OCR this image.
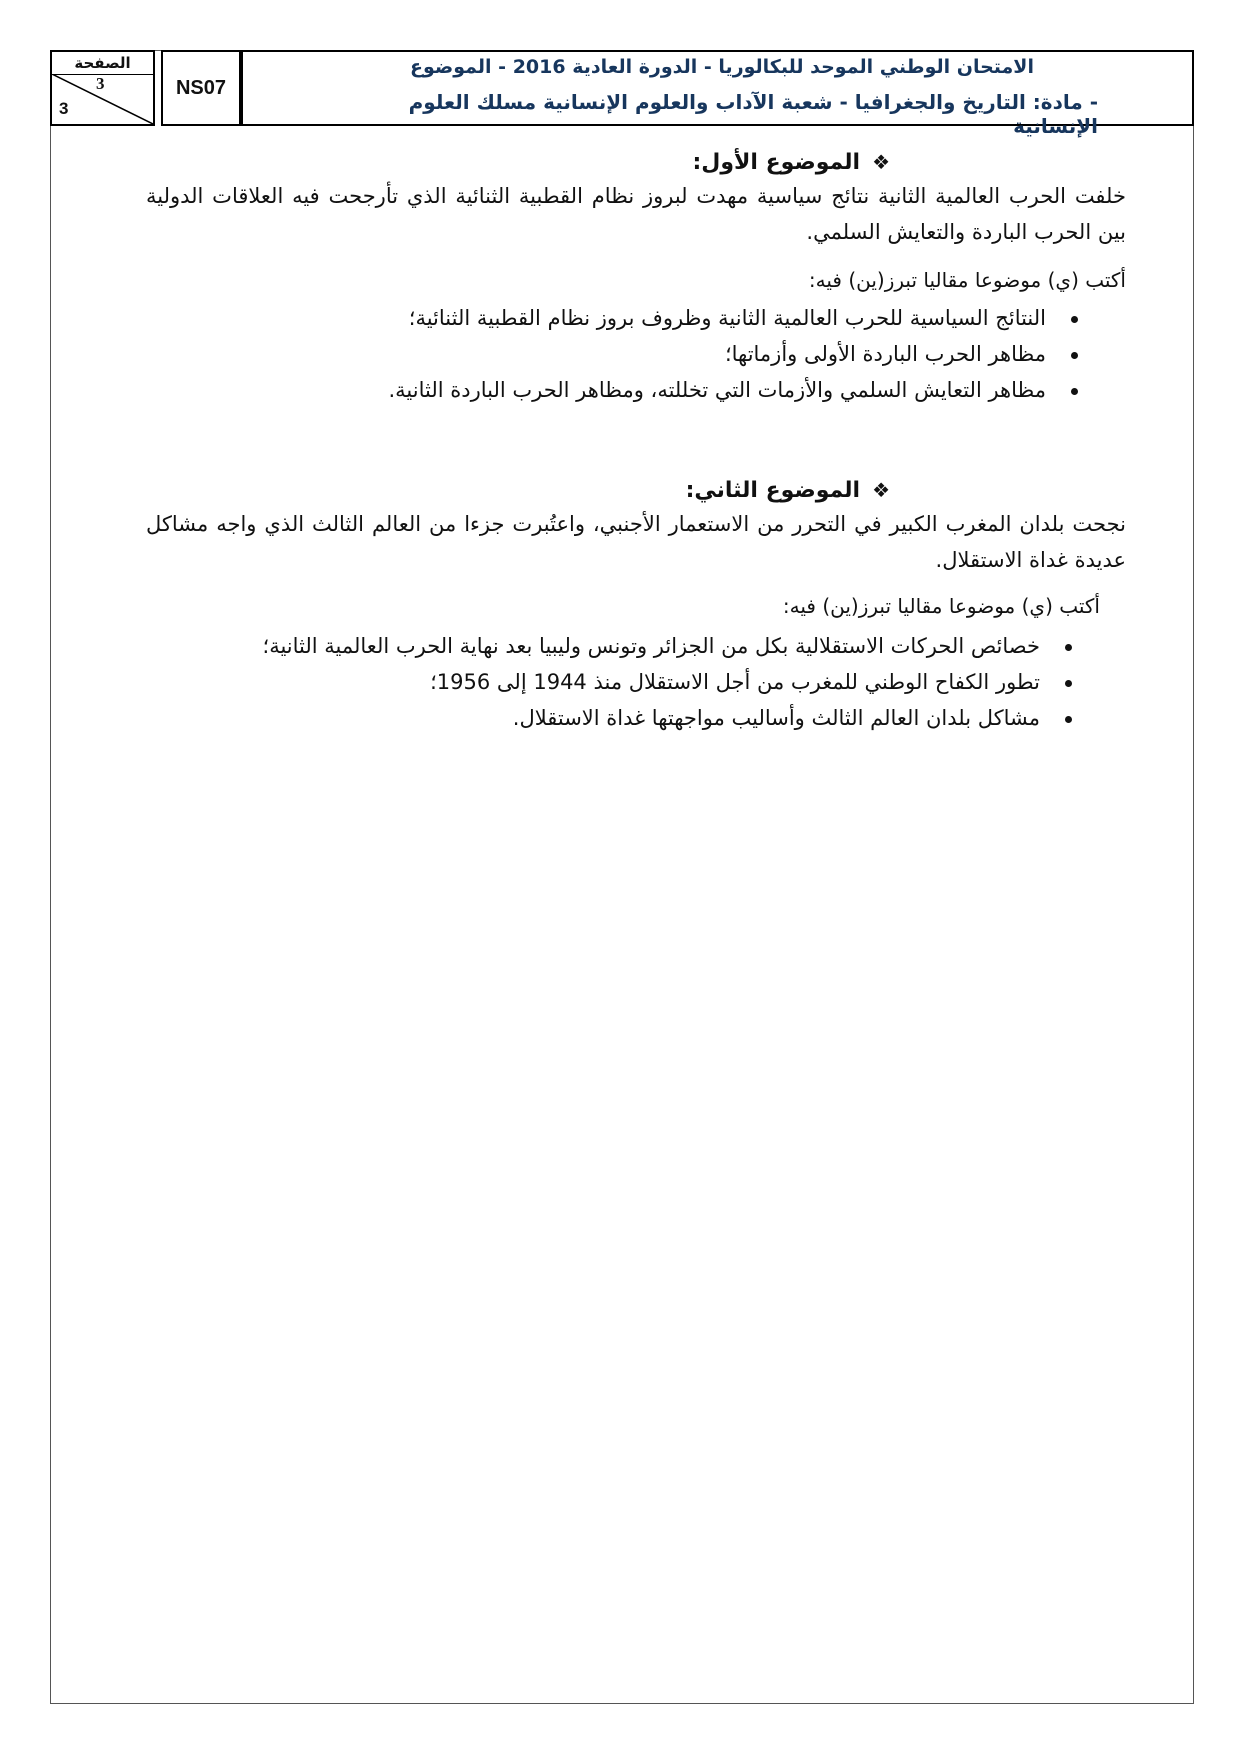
الصفحة
3
3
NS07
الامتحان الوطني الموحد للبكالوريا - الدورة العادية 2016 - الموضوع
- مادة: التاريخ والجغرافيا - شعبة الآداب والعلوم الإنسانية مسلك العلوم الإنسانية
❖الموضوع الأول:
خلفت الحرب العالمية الثانية نتائج سياسية مهدت لبروز نظام القطبية الثنائية الذي تأرجحت فيه العلاقات الدولية بين الحرب الباردة والتعايش السلمي.
أكتب (ي) موضوعا مقاليا تبرز(ين) فيه:
النتائج السياسية للحرب العالمية الثانية وظروف بروز نظام القطبية الثنائية؛
مظاهر الحرب الباردة الأولى وأزماتها؛
مظاهر التعايش السلمي والأزمات التي تخللته، ومظاهر الحرب الباردة الثانية.
❖الموضوع الثاني:
نجحت بلدان المغرب الكبير في التحرر من الاستعمار الأجنبي، واعتُبرت جزءا من العالم الثالث الذي واجه مشاكل عديدة غداة الاستقلال.
أكتب (ي) موضوعا مقاليا تبرز(ين) فيه:
خصائص الحركات الاستقلالية بكل من الجزائر وتونس وليبيا بعد نهاية الحرب العالمية الثانية؛
تطور الكفاح الوطني للمغرب من أجل الاستقلال منذ 1944 إلى 1956؛
مشاكل بلدان العالم الثالث وأساليب مواجهتها غداة الاستقلال.
